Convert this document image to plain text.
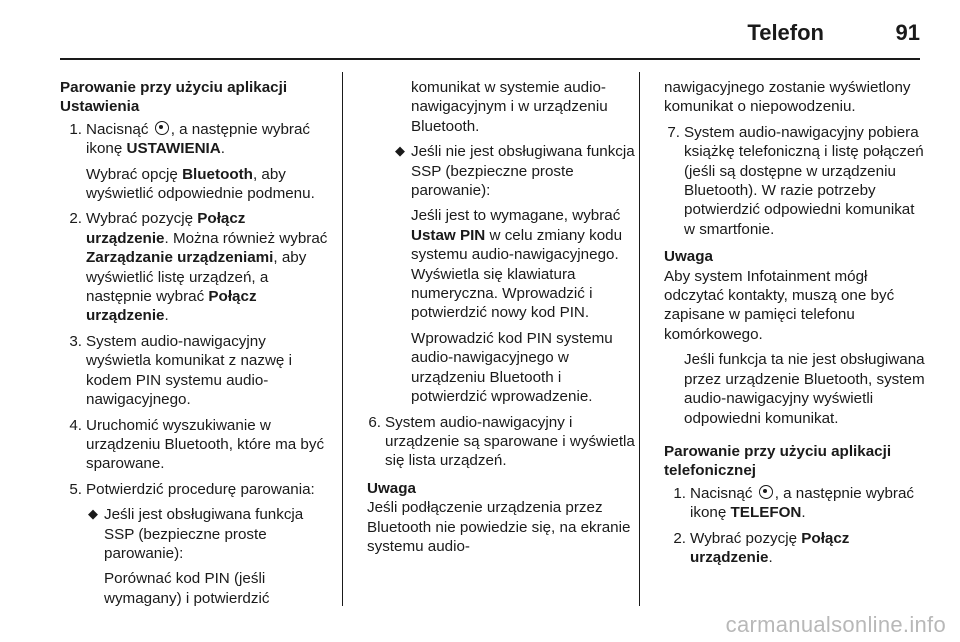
Telefon	91
Parowanie przy użyciu aplikacji Ustawienia
1. Nacisnąć , a następnie wybrać ikonę USTAWIENIA.
Wybrać opcję Bluetooth, aby wyświetlić odpowiednie podmenu.
2. Wybrać pozycję Połącz urządzenie. Można również wybrać Zarządzanie urządzeniami, aby wyświetlić listę urządzeń, a następnie wybrać Połącz urządzenie.
3. System audio-nawigacyjny wyświetla komunikat z nazwę i kodem PIN systemu audio-nawigacyjnego.
4. Uruchomić wyszukiwanie w urządzeniu Bluetooth, które ma być sparowane.
5. Potwierdzić procedurę parowania:
◆ Jeśli jest obsługiwana funkcja SSP (bezpieczne proste parowanie):
Porównać kod PIN (jeśli wymagany) i potwierdzić
komunikat w systemie audio-nawigacyjnym i w urządzeniu Bluetooth.
◆ Jeśli nie jest obsługiwana funkcja SSP (bezpieczne proste parowanie):
Jeśli jest to wymagane, wybrać Ustaw PIN w celu zmiany kodu systemu audio-nawigacyjnego. Wyświetla się klawiatura numeryczna. Wprowadzić i potwierdzić nowy kod PIN.
Wprowadzić kod PIN systemu audio-nawigacyjnego w urządzeniu Bluetooth i potwierdzić wprowadzenie.
6. System audio-nawigacyjny i urządzenie są sparowane i wyświetla się lista urządzeń.
Uwaga
Jeśli podłączenie urządzenia przez Bluetooth nie powiedzie się, na ekranie systemu audio-
nawigacyjnego zostanie wyświetlony komunikat o niepowodzeniu.
7. System audio-nawigacyjny pobiera książkę telefoniczną i listę połączeń (jeśli są dostępne w urządzeniu Bluetooth). W razie potrzeby potwierdzić odpowiedni komunikat w smartfonie.
Uwaga
Aby system Infotainment mógł odczytać kontakty, muszą one być zapisane w pamięci telefonu komórkowego.
Jeśli funkcja ta nie jest obsługiwana przez urządzenie Bluetooth, system audio-nawigacyjny wyświetli odpowiedni komunikat.
Parowanie przy użyciu aplikacji telefonicznej
1. Nacisnąć , a następnie wybrać ikonę TELEFON.
2. Wybrać pozycję Połącz urządzenie.
carmanualsonline.info
